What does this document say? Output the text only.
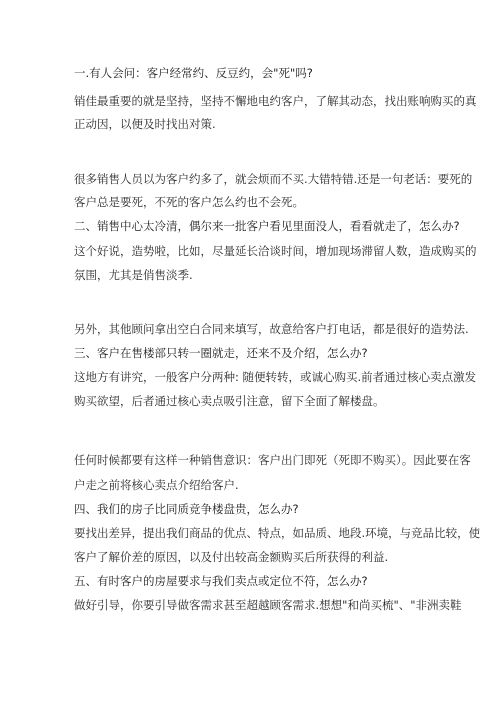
一.有人会问：客户经常约、反豆约，会"死"吗?
销佳最重要的就是坚持，坚持不懈地电约客户，了解其动态，找出账响购买的真
正动因，以便及时找出对策.
很多销售人员以为客户约多了，就会烦而不买.大错特错.还是一句老话：要死的
客户总是要死，不死的客户怎么约也不会死。
二、销售中心太冷清，偶尔来一批客户看见里面没人，看看就走了，怎么办?
这个好说，造势啦，比如，尽量延长洽谈时间，增加现场滞留人数，造成购买的
氛围，尤其是俏售淡季.
另外，其他顾问拿出空白合同来填写，故意给客户打电话，都是很好的造势法.
三、客户在售楼部只转一圈就走，还来不及介绍，怎么办?
这地方有讲究，一般客户分两种: 随便转转，或诚心购买.前者通过核心卖点激发
购买欲望，后者通过核心卖点吸引注意，留下全面了解楼盘。
任何时候都要有这样一种销售意识：客户出门即死（死即不购买）。因此要在客
户走之前将核心卖点介绍给客户.
四、我们的房子比同质竞争楼盘贵，怎么办?
要找出差异，提出我们商品的优点、特点，如品质、地段.环境，与竞品比较，使
客户了解价差的原因，以及付出较高金额购买后所获得的利益.
五、有时客户的房屋要求与我们卖点或定位不符，怎么办?
做好引导，你要引导做客需求甚至超越顾客需求.想想"和尚买梳"、"非洲卖鞋
